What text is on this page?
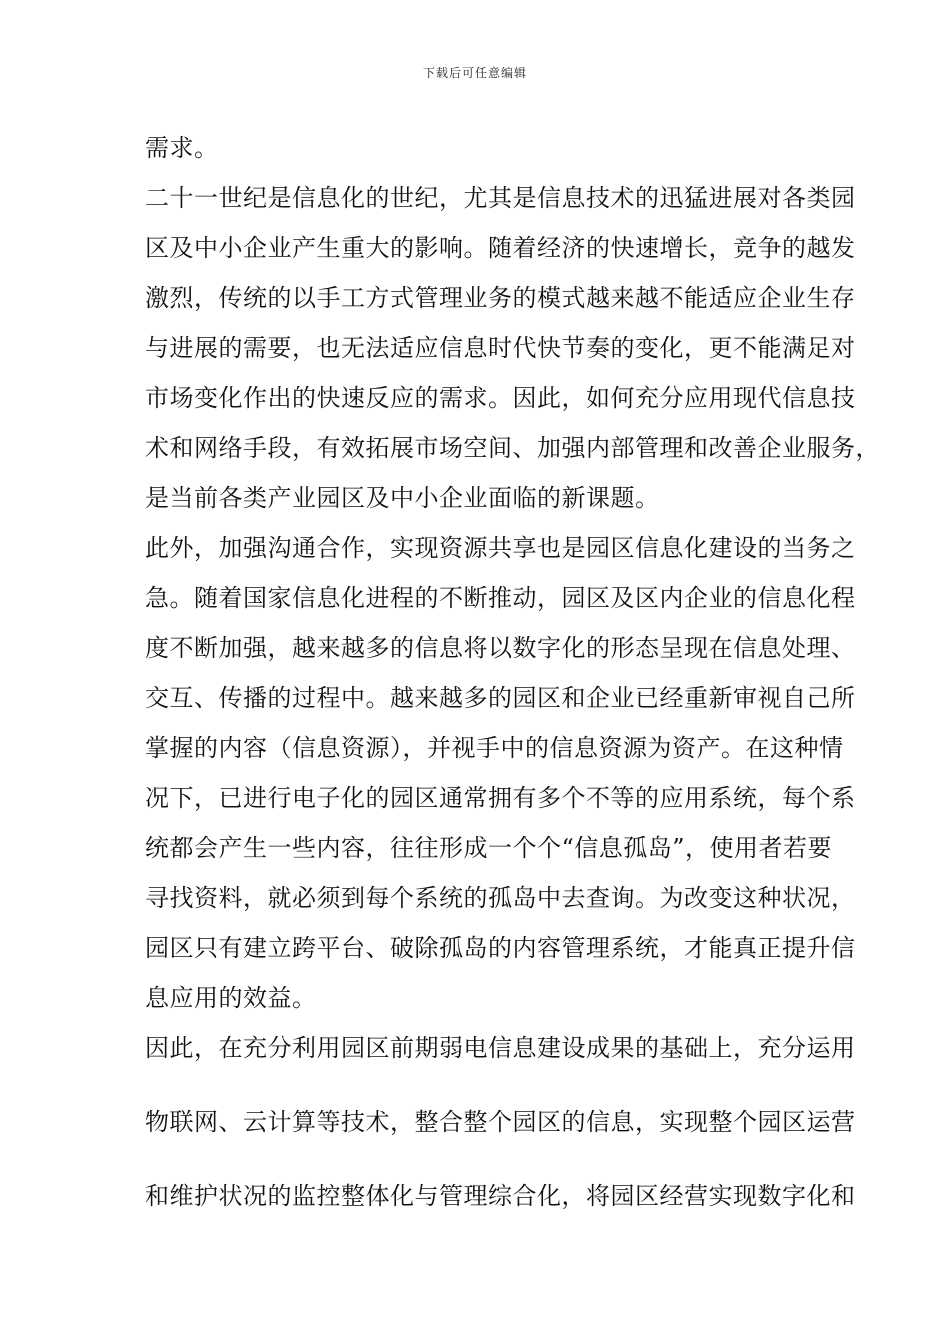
下载后可任意编辑
需求。
二十一世纪是信息化的世纪，尤其是信息技术的迅猛进展对各类园
区及中小企业产生重大的影响。随着经济的快速增长，竞争的越发
激烈，传统的以手工方式管理业务的模式越来越不能适应企业生存
与进展的需要，也无法适应信息时代快节奏的变化，更不能满足对
市场变化作出的快速反应的需求。因此，如何充分应用现代信息技
术和网络手段，有效拓展市场空间、加强内部管理和改善企业服务，
是当前各类产业园区及中小企业面临的新课题。
此外，加强沟通合作，实现资源共享也是园区信息化建设的当务之
急。随着国家信息化进程的不断推动，园区及区内企业的信息化程
度不断加强，越来越多的信息将以数字化的形态呈现在信息处理、
交互、传播的过程中。越来越多的园区和企业已经重新审视自己所
掌握的内容（信息资源），并视手中的信息资源为资产。在这种情
况下，已进行电子化的园区通常拥有多个不等的应用系统，每个系
统都会产生一些内容，往往形成一个个“信息孤岛”，使用者若要
寻找资料，就必须到每个系统的孤岛中去查询。为改变这种状况，
园区只有建立跨平台、破除孤岛的内容管理系统，才能真正提升信
息应用的效益。
因此，在充分利用园区前期弱电信息建设成果的基础上，充分运用
物联网、云计算等技术，整合整个园区的信息，实现整个园区运营
和维护状况的监控整体化与管理综合化，将园区经营实现数字化和
